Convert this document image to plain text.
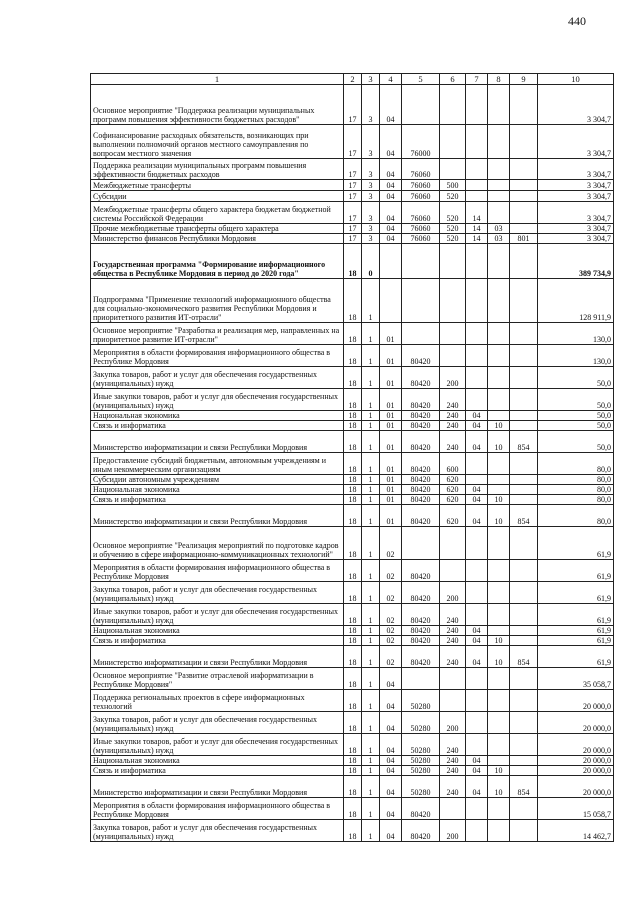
440
1	2	3	4	5	6	7	8	9	10
Основное мероприятие "Поддержка реализации муниципальных программ повышения эффективности бюджетных расходов"	17	3	04						3 304,7
Софинансирование расходных обязательств, возникающих при выполнении полномочий органов местного самоуправления по вопросам местного значения	17	3	04	76000					3 304,7
Поддержка реализации муниципальных программ повышения эффективности бюджетных расходов	17	3	04	76060					3 304,7
Межбюджетные трансферты	17	3	04	76060	500				3 304,7
Субсидии	17	3	04	76060	520				3 304,7
Межбюджетные трансферты общего характера бюджетам бюджетной системы Российской Федерации	17	3	04	76060	520	14			3 304,7
Прочие межбюджетные трансферты общего характера	17	3	04	76060	520	14	03		3 304,7
Министерство финансов Республики Мордовия	17	3	04	76060	520	14	03	801	3 304,7
Государственная программа "Формирование информационного общества в Республике Мордовия в период до 2020 года"	18	0							389 734,9
Подпрограмма "Применение технологий информационного общества для социально-экономического развития Республики Мордовия и приоритетного развития ИТ-отрасли"	18	1							128 911,9
Основное мероприятие "Разработка и реализация мер, направленных на приоритетное развитие ИТ-отрасли"	18	1	01						130,0
Мероприятия в области формирования информационного общества в Республике Мордовия	18	1	01	80420					130,0
Закупка товаров, работ и услуг для обеспечения государственных (муниципальных) нужд	18	1	01	80420	200				50,0
Иные закупки товаров, работ и услуг для обеспечения государственных (муниципальных) нужд	18	1	01	80420	240				50,0
Национальная экономика	18	1	01	80420	240	04			50,0
Связь и информатика	18	1	01	80420	240	04	10		50,0
Министерство информатизации и связи Республики Мордовия	18	1	01	80420	240	04	10	854	50,0
Предоставление субсидий бюджетным, автономным учреждениям и иным некоммерческим организациям	18	1	01	80420	600				80,0
Субсидии автономным учреждениям	18	1	01	80420	620				80,0
Национальная экономика	18	1	01	80420	620	04			80,0
Связь и информатика	18	1	01	80420	620	04	10		80,0
Министерство информатизации и связи Республики Мордовия	18	1	01	80420	620	04	10	854	80,0
Основное мероприятие "Реализация мероприятий по подготовке кадров и обучению в сфере информационно-коммуникационных технологий"	18	1	02						61,9
Мероприятия в области формирования информационного общества в Республике Мордовия	18	1	02	80420					61,9
Закупка товаров, работ и услуг для обеспечения государственных (муниципальных) нужд	18	1	02	80420	200				61,9
Иные закупки товаров, работ и услуг для обеспечения государственных (муниципальных) нужд	18	1	02	80420	240				61,9
Национальная экономика	18	1	02	80420	240	04			61,9
Связь и информатика	18	1	02	80420	240	04	10		61,9
Министерство информатизации и связи Республики Мордовия	18	1	02	80420	240	04	10	854	61,9
Основное мероприятие "Развитие отраслевой информатизации в Республике Мордовия"	18	1	04						35 058,7
Поддержка региональных проектов в сфере информационных технологий	18	1	04	50280					20 000,0
Закупка товаров, работ и услуг для обеспечения государственных (муниципальных) нужд	18	1	04	50280	200				20 000,0
Иные закупки товаров, работ и услуг для обеспечения государственных (муниципальных) нужд	18	1	04	50280	240				20 000,0
Национальная экономика	18	1	04	50280	240	04			20 000,0
Связь и информатика	18	1	04	50280	240	04	10		20 000,0
Министерство информатизации и связи Республики Мордовия	18	1	04	50280	240	04	10	854	20 000,0
Мероприятия в области формирования информационного общества в Республике Мордовия	18	1	04	80420					15 058,7
Закупка товаров, работ и услуг для обеспечения государственных (муниципальных) нужд	18	1	04	80420	200				14 462,7
